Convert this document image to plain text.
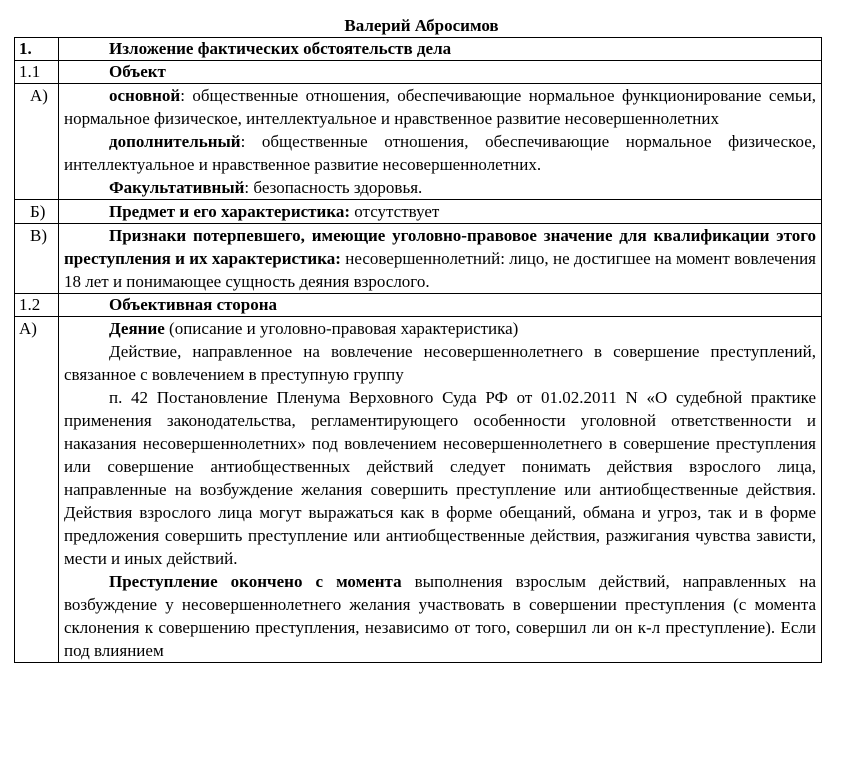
Валерий Абросимов
1.	Изложение фактических обстоятельств дела
1.1	Объект
А)	основной: общественные отношения, обеспечивающие нормальное функционирование семьи, нормальное физическое, интеллектуальное и нравственное развитие несовершеннолетних

дополнительный: общественные отношения, обеспечивающие нормальное физическое, интеллектуальное и нравственное развитие несовершеннолетних.

Факультативный: безопасность здоровья.

Б)	Предмет и его характеристика: отсутствует

В)	Признаки потерпевшего, имеющие уголовно-правовое значение для квалификации этого преступления и их характеристика: несовершеннолетний: лицо, не достигшее на момент вовлечения 18 лет и понимающее сущность деяния взрослого.

1.2	Объективная сторона
А)	Деяние (описание и уголовно-правовая характеристика)

Действие, направленное на вовлечение несовершеннолетнего в совершение преступлений, связанное с вовлечением в преступную группу

п. 42 Постановление Пленума Верховного Суда РФ от 01.02.2011 N «О судебной практике применения законодательства, регламентирующего особенности уголовной ответственности и наказания несовершеннолетних» под вовлечением несовершеннолетнего в совершение преступления или совершение антиобщественных действий следует понимать действия взрослого лица, направленные на возбуждение желания совершить преступление или антиобщественные действия. Действия взрослого лица могут выражаться как в форме обещаний, обмана и угроз, так и в форме предложения совершить преступление или антиобщественные действия, разжигания чувства зависти, мести и иных действий.

Преступление окончено с момента выполнения взрослым действий, направленных на возбуждение у несовершеннолетнего желания участвовать в совершении преступления (с момента склонения к совершению преступления, независимо от того, совершил ли он к-л преступление). Если под влиянием
